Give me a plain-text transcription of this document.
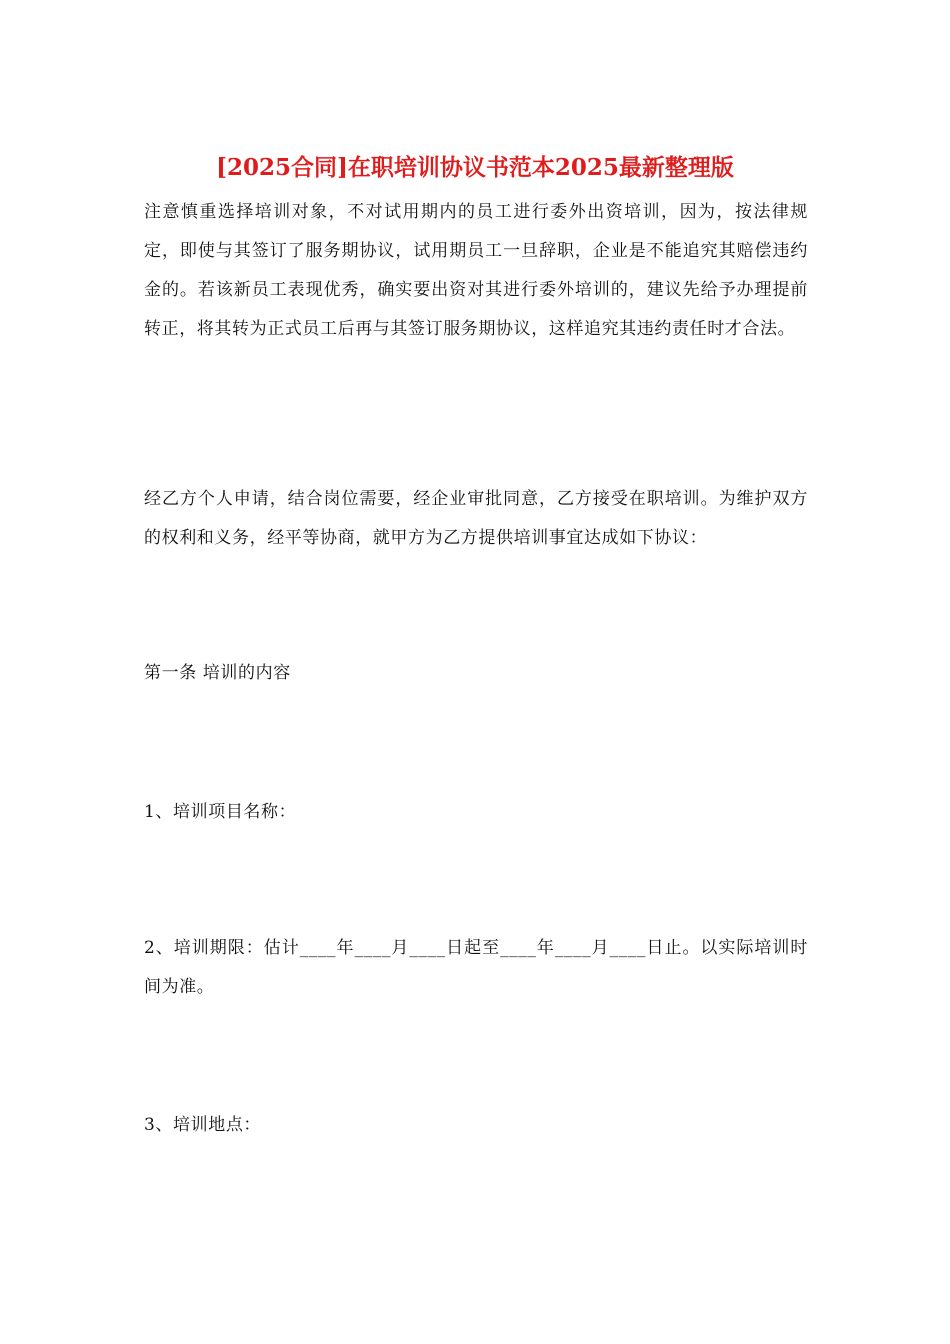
[2025合同]在职培训协议书范本2025最新整理版

注意慎重选择培训对象，不对试用期内的员工进行委外出资培训，因为，按法律规定，即使与其签订了服务期协议，试用期员工一旦辞职，企业是不能追究其赔偿违约金的。若该新员工表现优秀，确实要出资对其进行委外培训的，建议先给予办理提前转正，将其转为正式员工后再与其签订服务期协议，这样追究其违约责任时才合法。

经乙方个人申请，结合岗位需要，经企业审批同意，乙方接受在职培训。为维护双方的权利和义务，经平等协商，就甲方为乙方提供培训事宜达成如下协议：

第一条 培训的内容

1、培训项目名称：

2、培训期限：估计____年____月____日起至____年____月____日止。以实际培训时间为准。

3、培训地点：
